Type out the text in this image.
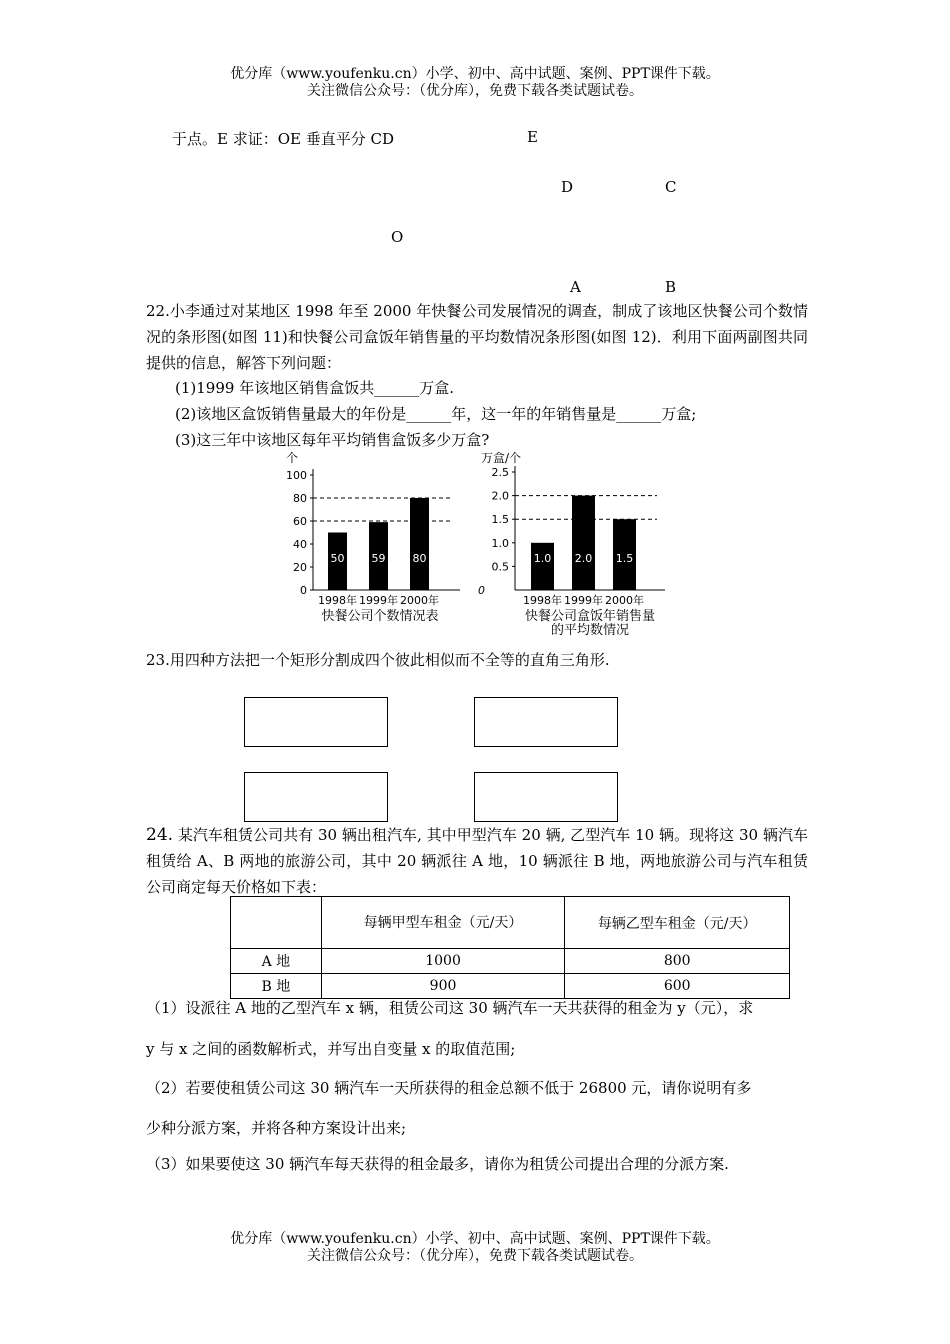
优分库（www.youfenku.cn）小学、初中、高中试题、案例、PPT课件下载。
关注微信公众号：（优分库），免费下载各类试题试卷。
于点。E 求证：OE 垂直平分 CD	E
D	C
O
A	B
22.小李通过对某地区 1998 年至 2000 年快餐公司发展情况的调查，制成了该地区快餐公司个数情况的条形图(如图 11)和快餐公司盒饭年销售量的平均数情况条形图(如图 12)．利用下面两副图共同提供的信息，解答下列问题：
(1)1999 年该地区销售盒饭共______万盒.
(2)该地区盒饭销售量最大的年份是______年，这一年的年销售量是______万盒;
(3)这三年中该地区每年平均销售盒饭多少万盒?
个
0
20
40
60
80
100
50
1998年
59
1999年
80
2000年
快餐公司个数情况表
万盒/个
0.5
1.0
1.5
2.0
2.5
0
1.0
1998年
2.0
1999年
1.5
2000年
快餐公司盒饭年销售量
的平均数情况
23.用四种方法把一个矩形分割成四个彼此相似而不全等的直角三角形.
24. 某汽车租赁公司共有 30 辆出租汽车, 其中甲型汽车 20 辆, 乙型汽车 10 辆。现将这 30 辆汽车租赁给 A、B 两地的旅游公司，其中 20 辆派往 A 地，10 辆派往 B 地，两地旅游公司与汽车租赁公司商定每天价格如下表：
	每辆甲型车租金（元/天）	每辆乙型车租金（元/天）
A 地	1000	800
B 地	900	600
（1）设派往 A 地的乙型汽车 x 辆，租赁公司这 30 辆汽车一天共获得的租金为 y（元），求
y 与 x 之间的函数解析式，并写出自变量 x 的取值范围;
（2）若要使租赁公司这 30 辆汽车一天所获得的租金总额不低于 26800 元，请你说明有多
少种分派方案，并将各种方案设计出来;
（3）如果要使这 30 辆汽车每天获得的租金最多，请你为租赁公司提出合理的分派方案.
优分库（www.youfenku.cn）小学、初中、高中试题、案例、PPT课件下载。
关注微信公众号：（优分库），免费下载各类试题试卷。
